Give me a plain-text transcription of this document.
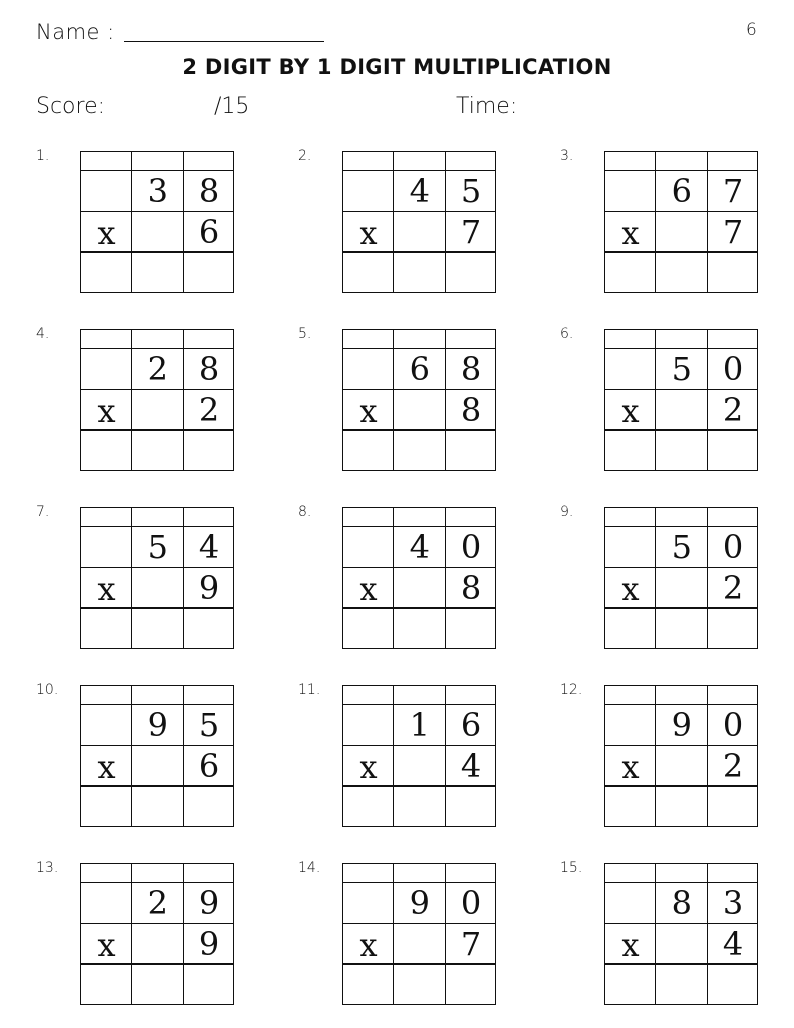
Name :	6
2 DIGIT BY 1 DIGIT MULTIPLICATION
Score:	/15	Time:
1.
3 8
x	6
2.
4 5
x	7
3.
6 7
x	7
4.
2 8
x	2
5.
6 8
x	8
6.
5 0
x	2
7.
5 4
x	9
8.
4 0
x	8
9.
5 0
x	2
10.
9 5
x	6
11.
1 6
x	4
12.
9 0
x	2
13.
2 9
x	9
14.
9 0
x	7
15.
8 3
x	4
